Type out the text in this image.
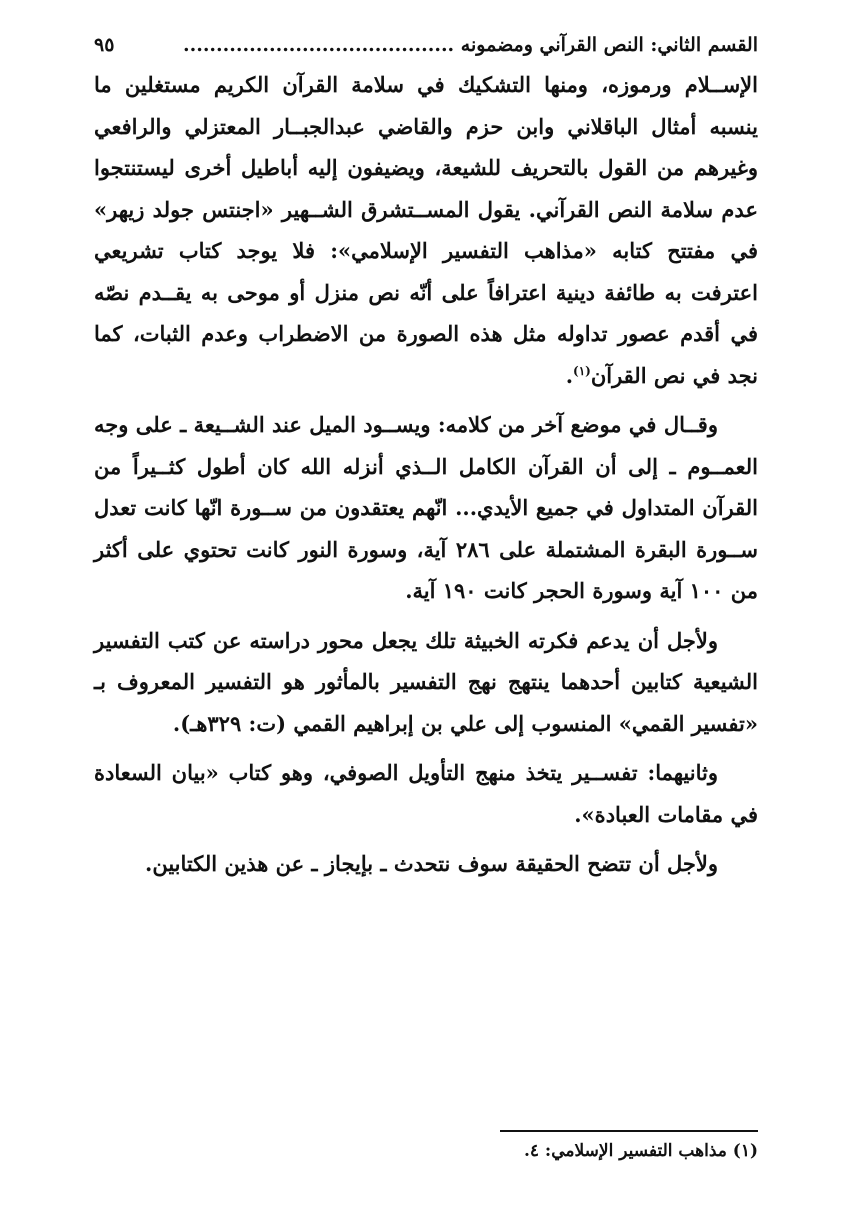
القسم الثاني: النص القرآني ومضمونه .........................................
٩٥

الإســلام ورموزه، ومنها التشكيك في سلامة القرآن الكريم مستغلين ما ينسبه أمثال الباقلاني وابن حزم والقاضي عبدالجبــار المعتزلي والرافعي وغيرهم من القول بالتحريف للشيعة، ويضيفون إليه أباطيل أخرى ليستنتجوا عدم سلامة النص القرآني. يقول المســتشرق الشــهير «اجنتس جولد زيهر» في مفتتح كتابه «مذاهب التفسير الإسلامي»: فلا يوجد كتاب تشريعي اعترفت به طائفة دينية اعترافاً على أنّه نص منزل أو موحى به يقــدم نصّه في أقدم عصور تداوله مثل هذه الصورة من الاضطراب وعدم الثبات، كما نجد في نص القرآن$^{(١)}$.

وقــال في موضع آخر من كلامه: ويســود الميل عند الشــيعة ـ على وجه العمــوم ـ إلى أن القرآن الكامل الــذي أنزله الله كان أطول كثــيراً من القرآن المتداول في جميع الأيدي... انّهم يعتقدون من ســورة انّها كانت تعدل ســورة البقرة المشتملة على ٢٨٦ آية، وسورة النور كانت تحتوي على أكثر من ١٠٠ آية وسورة الحجر كانت ١٩٠ آية.

ولأجل أن يدعم فكرته الخبيثة تلك يجعل محور دراسته عن كتب التفسير الشيعية كتابين أحدهما ينتهج نهج التفسير بالمأثور هو التفسير المعروف بـ «تفسير القمي» المنسوب إلى علي بن إبراهيم القمي (ت: ٣٢٩هـ).

وثانيهما: تفســير يتخذ منهج التأويل الصوفي، وهو كتاب «بيان السعادة في مقامات العبادة».

ولأجل أن تتضح الحقيقة سوف نتحدث ـ بإيجاز ـ عن هذين الكتابين.

(١) مذاهب التفسير الإسلامي: ٤.
